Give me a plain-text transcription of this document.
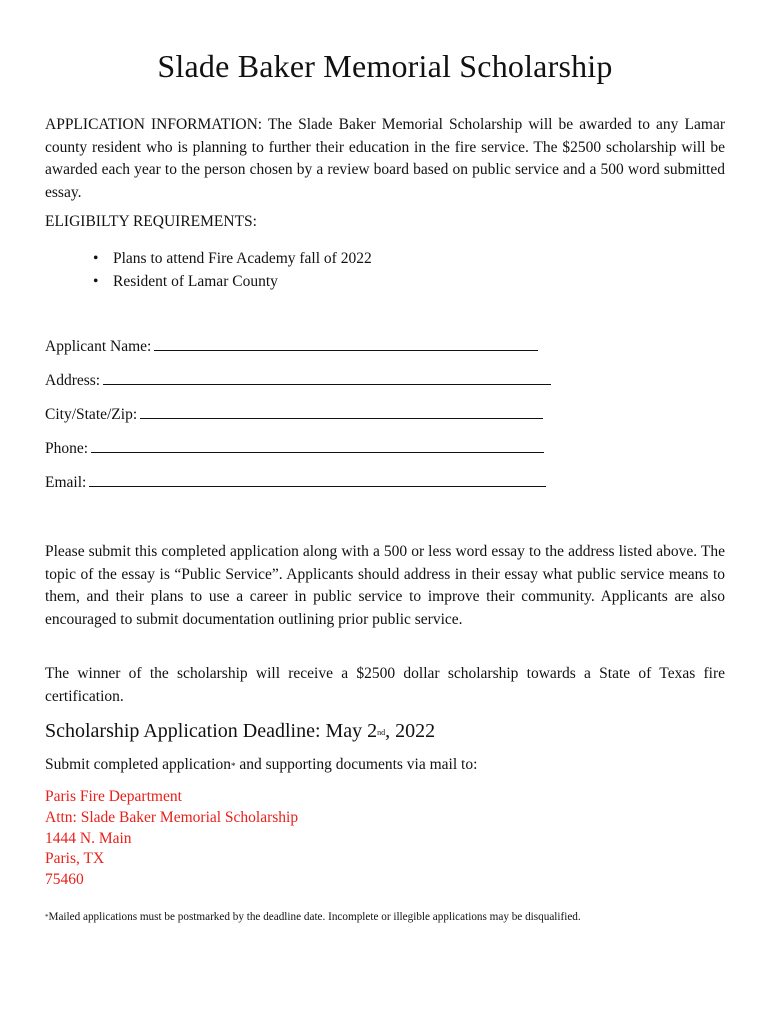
Slade Baker Memorial Scholarship

APPLICATION INFORMATION: The Slade Baker Memorial Scholarship will be awarded to any Lamar county resident who is planning to further their education in the fire service. The $2500 scholarship will be awarded each year to the person chosen by a review board based on public service and a 500 word submitted essay.

ELIGIBILTY REQUIREMENTS:

• Plans to attend Fire Academy fall of 2022
• Resident of Lamar County
Applicant Name:
Address:
City/State/Zip:
Phone:
Email:

Please submit this completed application along with a 500 or less word essay to the address listed above. The topic of the essay is “Public Service”. Applicants should address in their essay what public service means to them, and their plans to use a career in public service to improve their community. Applicants are also encouraged to submit documentation outlining prior public service.

The winner of the scholarship will receive a $2500 dollar scholarship towards a State of Texas fire certification.

Scholarship Application Deadline: May 2nd, 2022
Submit completed application* and supporting documents via mail to:
Paris Fire Department
Attn: Slade Baker Memorial Scholarship
1444 N. Main
Paris, TX
75460
*Mailed applications must be postmarked by the deadline date. Incomplete or illegible applications may be disqualified.
